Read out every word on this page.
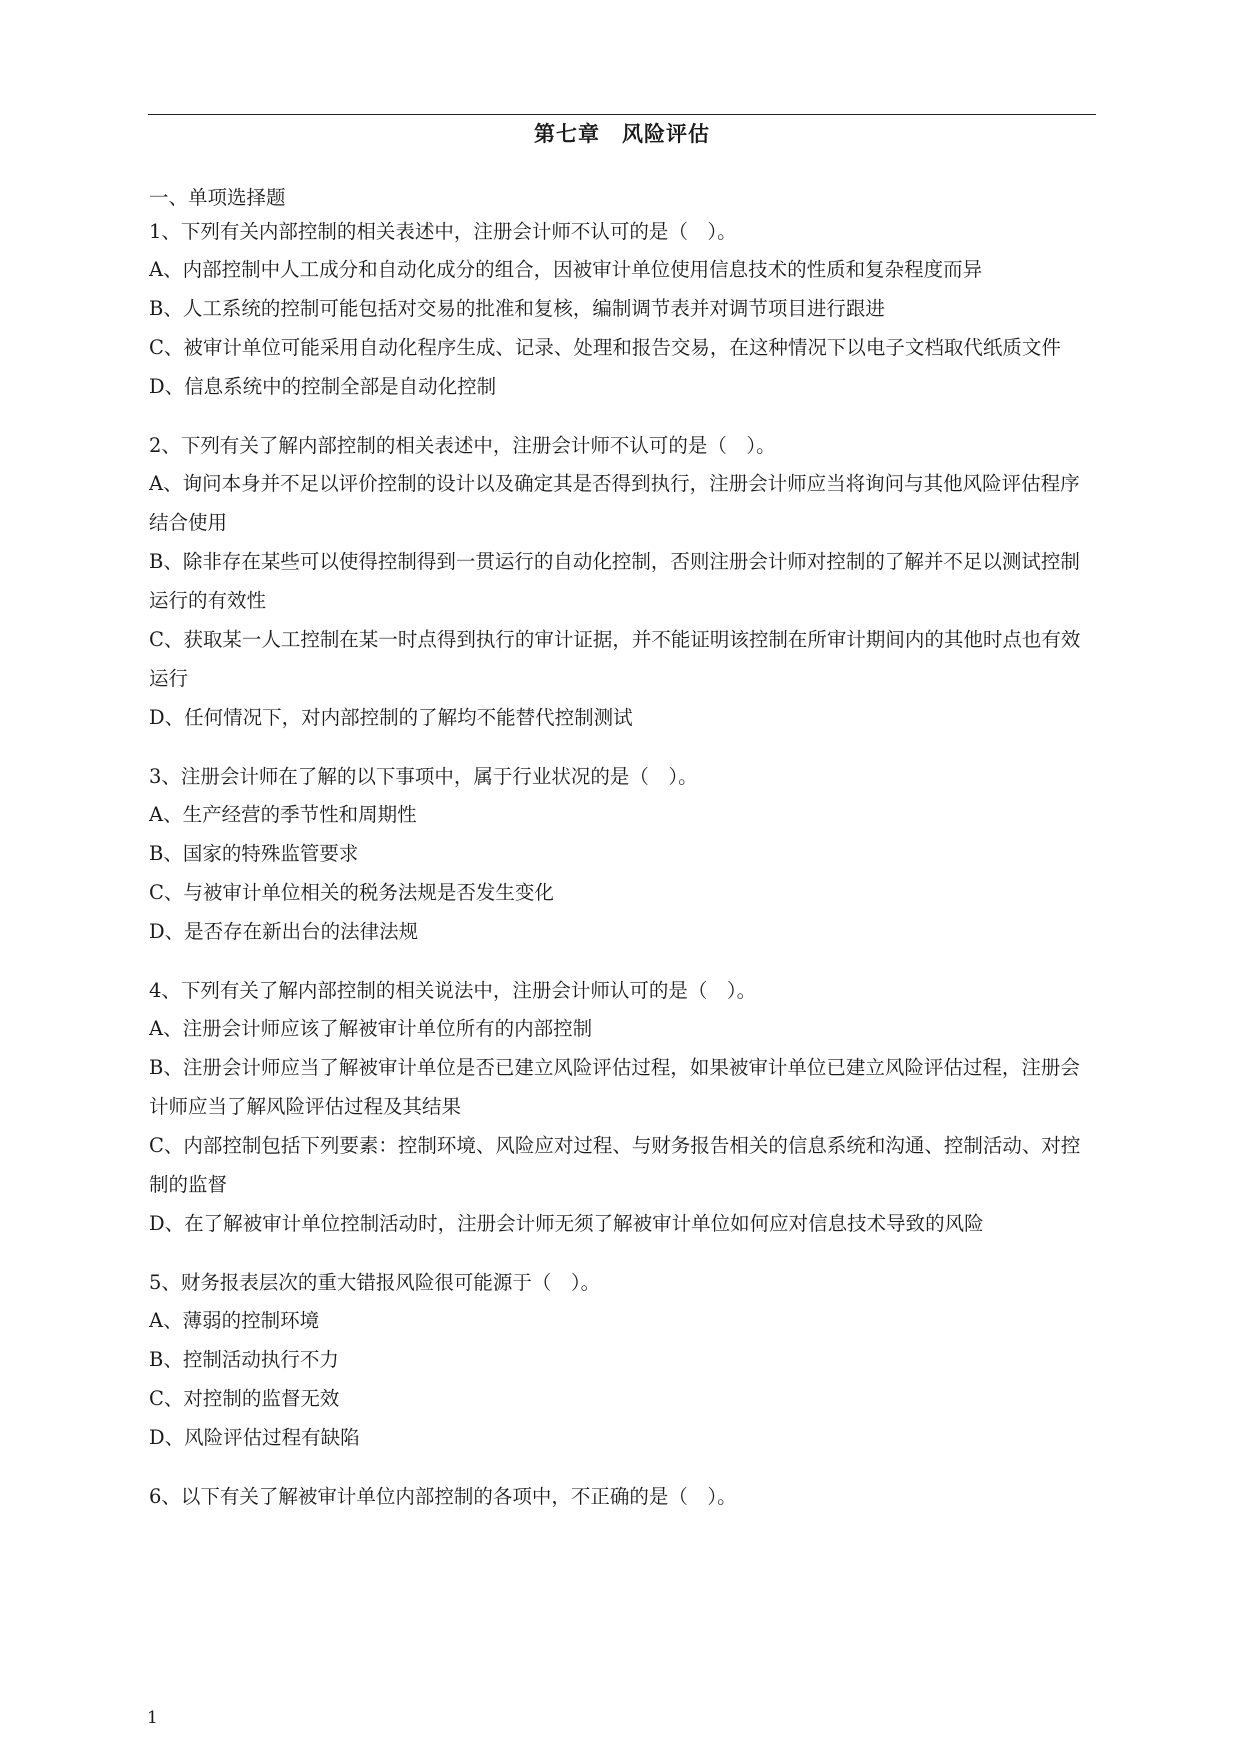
第七章　风险评估
一、单项选择题
1、下列有关内部控制的相关表述中，注册会计师不认可的是（　）。
A、内部控制中人工成分和自动化成分的组合，因被审计单位使用信息技术的性质和复杂程度而异
B、人工系统的控制可能包括对交易的批准和复核，编制调节表并对调节项目进行跟进
C、被审计单位可能采用自动化程序生成、记录、处理和报告交易，在这种情况下以电子文档取代纸质文件
D、信息系统中的控制全部是自动化控制
2、下列有关了解内部控制的相关表述中，注册会计师不认可的是（　）。
A、询问本身并不足以评价控制的设计以及确定其是否得到执行，注册会计师应当将询问与其他风险评估程序结合使用
B、除非存在某些可以使得控制得到一贯运行的自动化控制，否则注册会计师对控制的了解并不足以测试控制运行的有效性
C、获取某一人工控制在某一时点得到执行的审计证据，并不能证明该控制在所审计期间内的其他时点也有效运行
D、任何情况下，对内部控制的了解均不能替代控制测试
3、注册会计师在了解的以下事项中，属于行业状况的是（　）。
A、生产经营的季节性和周期性
B、国家的特殊监管要求
C、与被审计单位相关的税务法规是否发生变化
D、是否存在新出台的法律法规
4、下列有关了解内部控制的相关说法中，注册会计师认可的是（　）。
A、注册会计师应该了解被审计单位所有的内部控制
B、注册会计师应当了解被审计单位是否已建立风险评估过程，如果被审计单位已建立风险评估过程，注册会计师应当了解风险评估过程及其结果
C、内部控制包括下列要素：控制环境、风险应对过程、与财务报告相关的信息系统和沟通、控制活动、对控制的监督
D、在了解被审计单位控制活动时，注册会计师无须了解被审计单位如何应对信息技术导致的风险
5、财务报表层次的重大错报风险很可能源于（　）。
A、薄弱的控制环境
B、控制活动执行不力
C、对控制的监督无效
D、风险评估过程有缺陷
6、以下有关了解被审计单位内部控制的各项中，不正确的是（　）。
1
